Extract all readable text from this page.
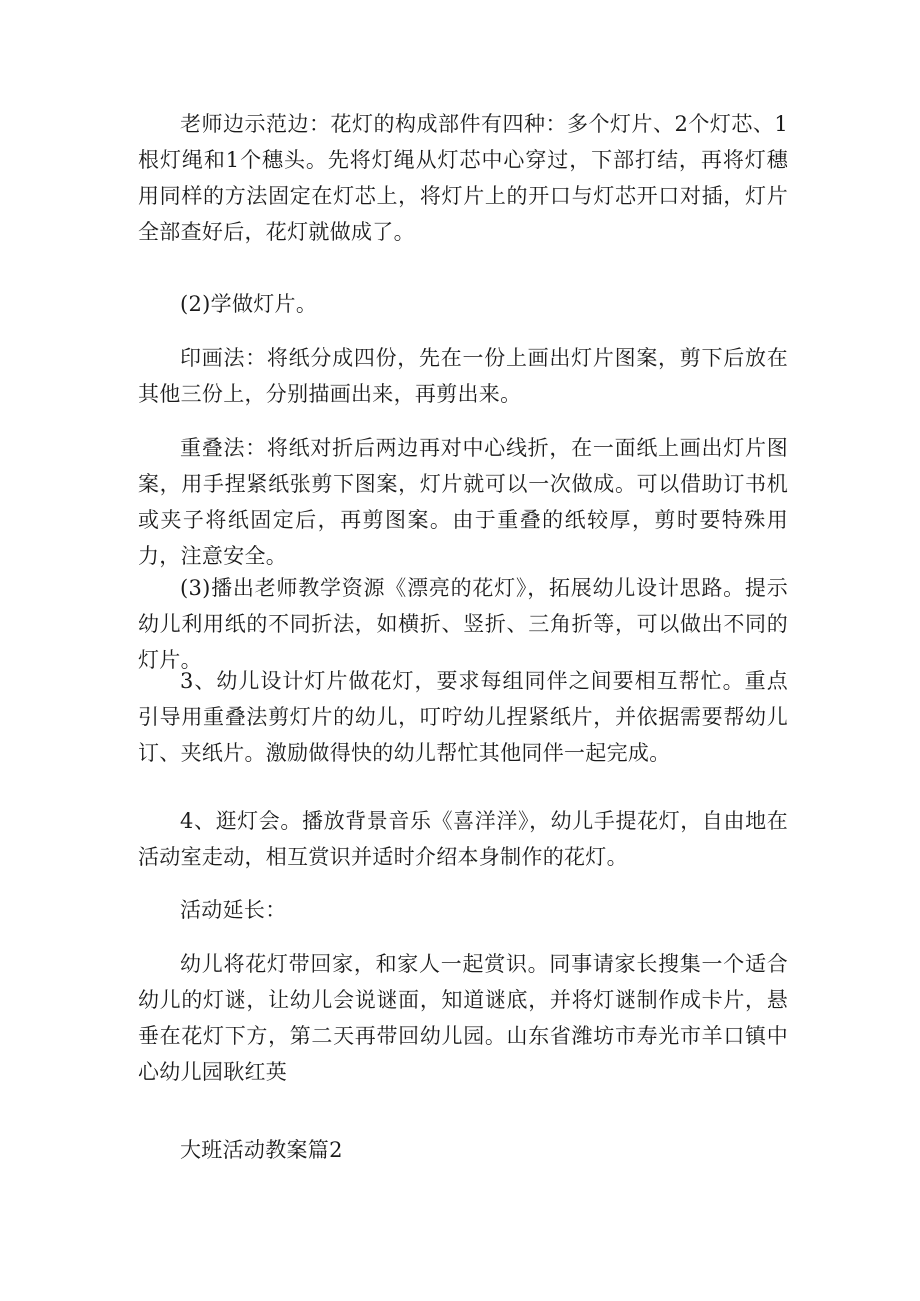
老师边示范边：花灯的构成部件有四种：多个灯片、2个灯芯、1根灯绳和1个穗头。先将灯绳从灯芯中心穿过，下部打结，再将灯穗用同样的方法固定在灯芯上，将灯片上的开口与灯芯开口对插，灯片全部查好后，花灯就做成了。

(2)学做灯片。

印画法：将纸分成四份，先在一份上画出灯片图案，剪下后放在其他三份上，分别描画出来，再剪出来。

重叠法：将纸对折后两边再对中心线折，在一面纸上画出灯片图案，用手捏紧纸张剪下图案，灯片就可以一次做成。可以借助订书机或夹子将纸固定后，再剪图案。由于重叠的纸较厚，剪时要特殊用力，注意安全。

(3)播出老师教学资源《漂亮的花灯》，拓展幼儿设计思路。提示幼儿利用纸的不同折法，如横折、竖折、三角折等，可以做出不同的灯片。

3、幼儿设计灯片做花灯，要求每组同伴之间要相互帮忙。重点引导用重叠法剪灯片的幼儿，叮咛幼儿捏紧纸片，并依据需要帮幼儿订、夹纸片。激励做得快的幼儿帮忙其他同伴一起完成。

4、逛灯会。播放背景音乐《喜洋洋》，幼儿手提花灯，自由地在活动室走动，相互赏识并适时介绍本身制作的花灯。

活动延长：

幼儿将花灯带回家，和家人一起赏识。同事请家长搜集一个适合幼儿的灯谜，让幼儿会说谜面，知道谜底，并将灯谜制作成卡片，悬垂在花灯下方，第二天再带回幼儿园。山东省潍坊市寿光市羊口镇中心幼儿园耿红英

大班活动教案篇2
